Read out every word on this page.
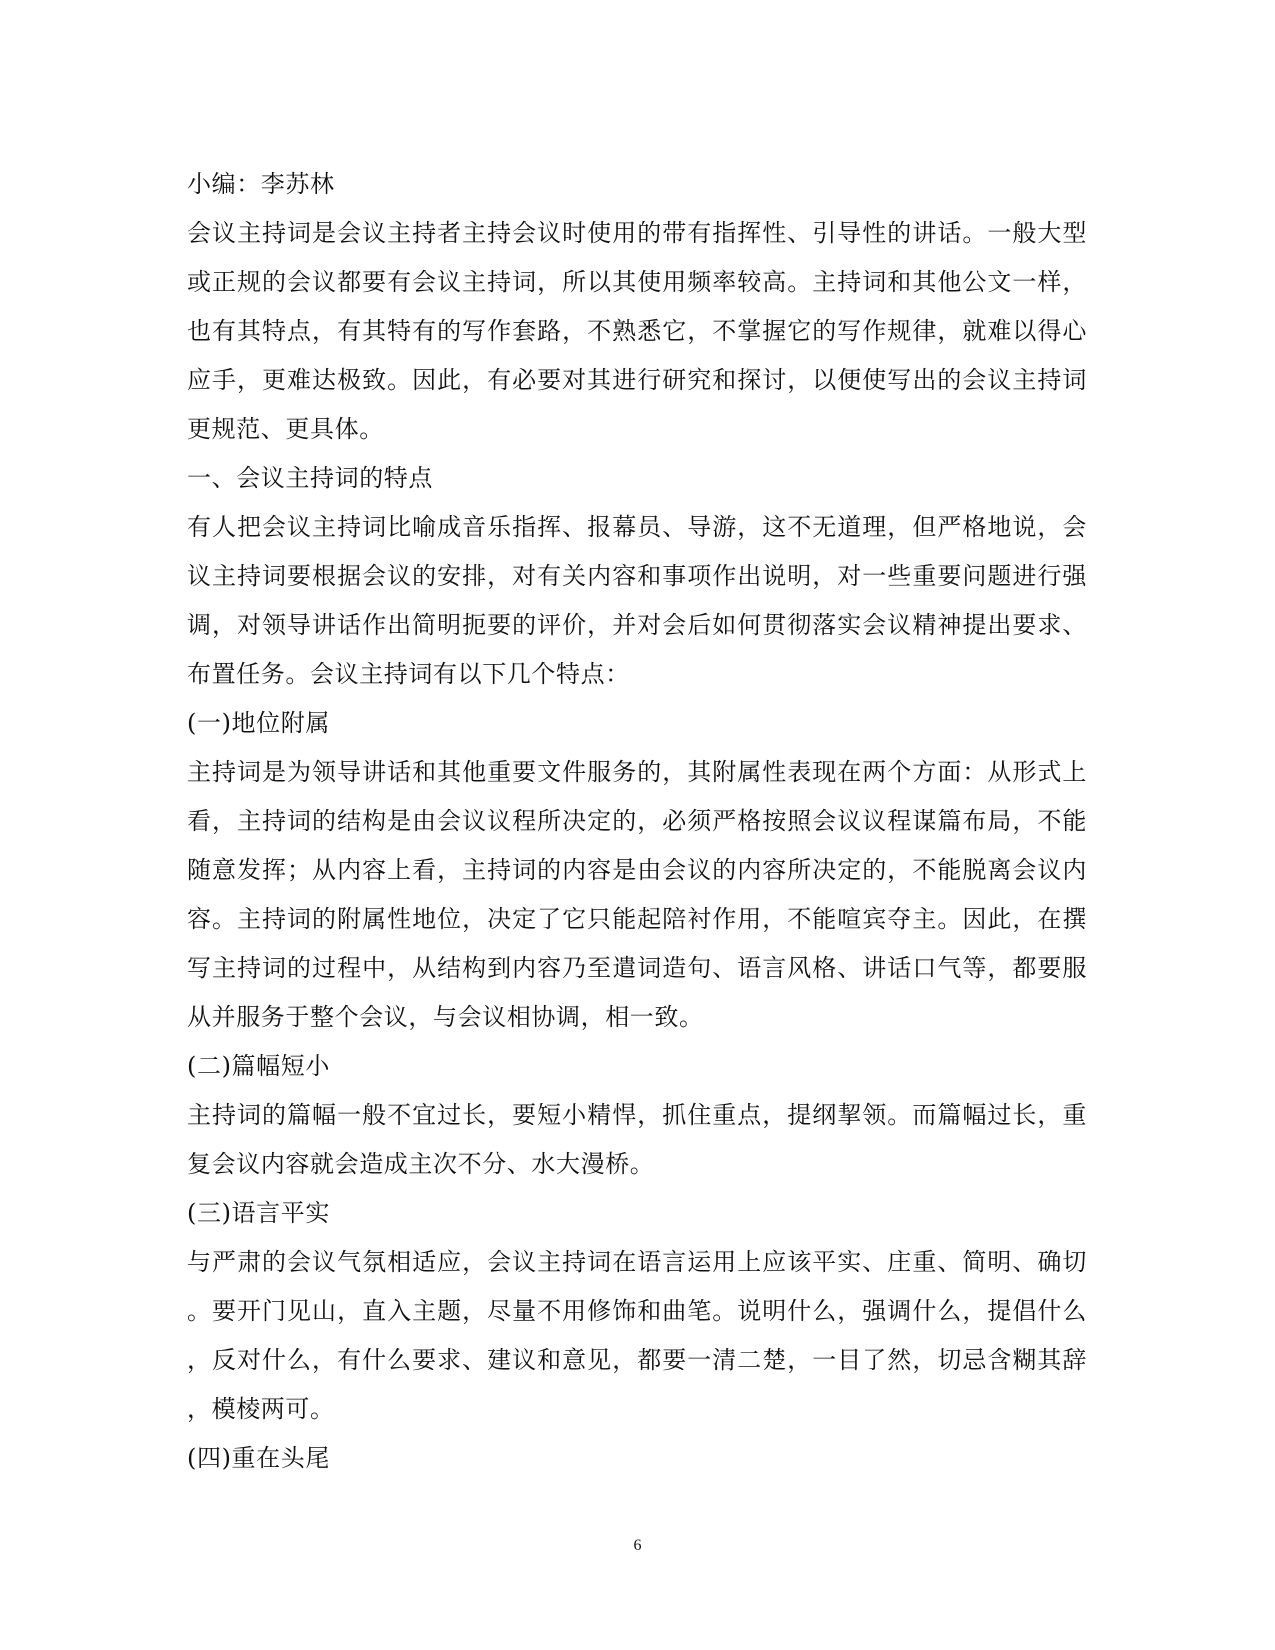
小编：李苏林
会议主持词是会议主持者主持会议时使用的带有指挥性、引导性的讲话。一般大型
或正规的会议都要有会议主持词，所以其使用频率较高。主持词和其他公文一样，
也有其特点，有其特有的写作套路，不熟悉它，不掌握它的写作规律，就难以得心
应手，更难达极致。因此，有必要对其进行研究和探讨，以便使写出的会议主持词
更规范、更具体。
一、会议主持词的特点
有人把会议主持词比喻成音乐指挥、报幕员、导游，这不无道理，但严格地说，会
议主持词要根据会议的安排，对有关内容和事项作出说明，对一些重要问题进行强
调，对领导讲话作出简明扼要的评价，并对会后如何贯彻落实会议精神提出要求、
布置任务。会议主持词有以下几个特点：
(一)地位附属
主持词是为领导讲话和其他重要文件服务的，其附属性表现在两个方面：从形式上
看，主持词的结构是由会议议程所决定的，必须严格按照会议议程谋篇布局，不能
随意发挥；从内容上看，主持词的内容是由会议的内容所决定的，不能脱离会议内
容。主持词的附属性地位，决定了它只能起陪衬作用，不能喧宾夺主。因此，在撰
写主持词的过程中，从结构到内容乃至遣词造句、语言风格、讲话口气等，都要服
从并服务于整个会议，与会议相协调，相一致。
(二)篇幅短小
主持词的篇幅一般不宜过长，要短小精悍，抓住重点，提纲挈领。而篇幅过长，重
复会议内容就会造成主次不分、水大漫桥。
(三)语言平实
与严肃的会议气氛相适应，会议主持词在语言运用上应该平实、庄重、简明、确切
。要开门见山，直入主题，尽量不用修饰和曲笔。说明什么，强调什么，提倡什么
，反对什么，有什么要求、建议和意见，都要一清二楚，一目了然，切忌含糊其辞
，模棱两可。
(四)重在头尾
6
